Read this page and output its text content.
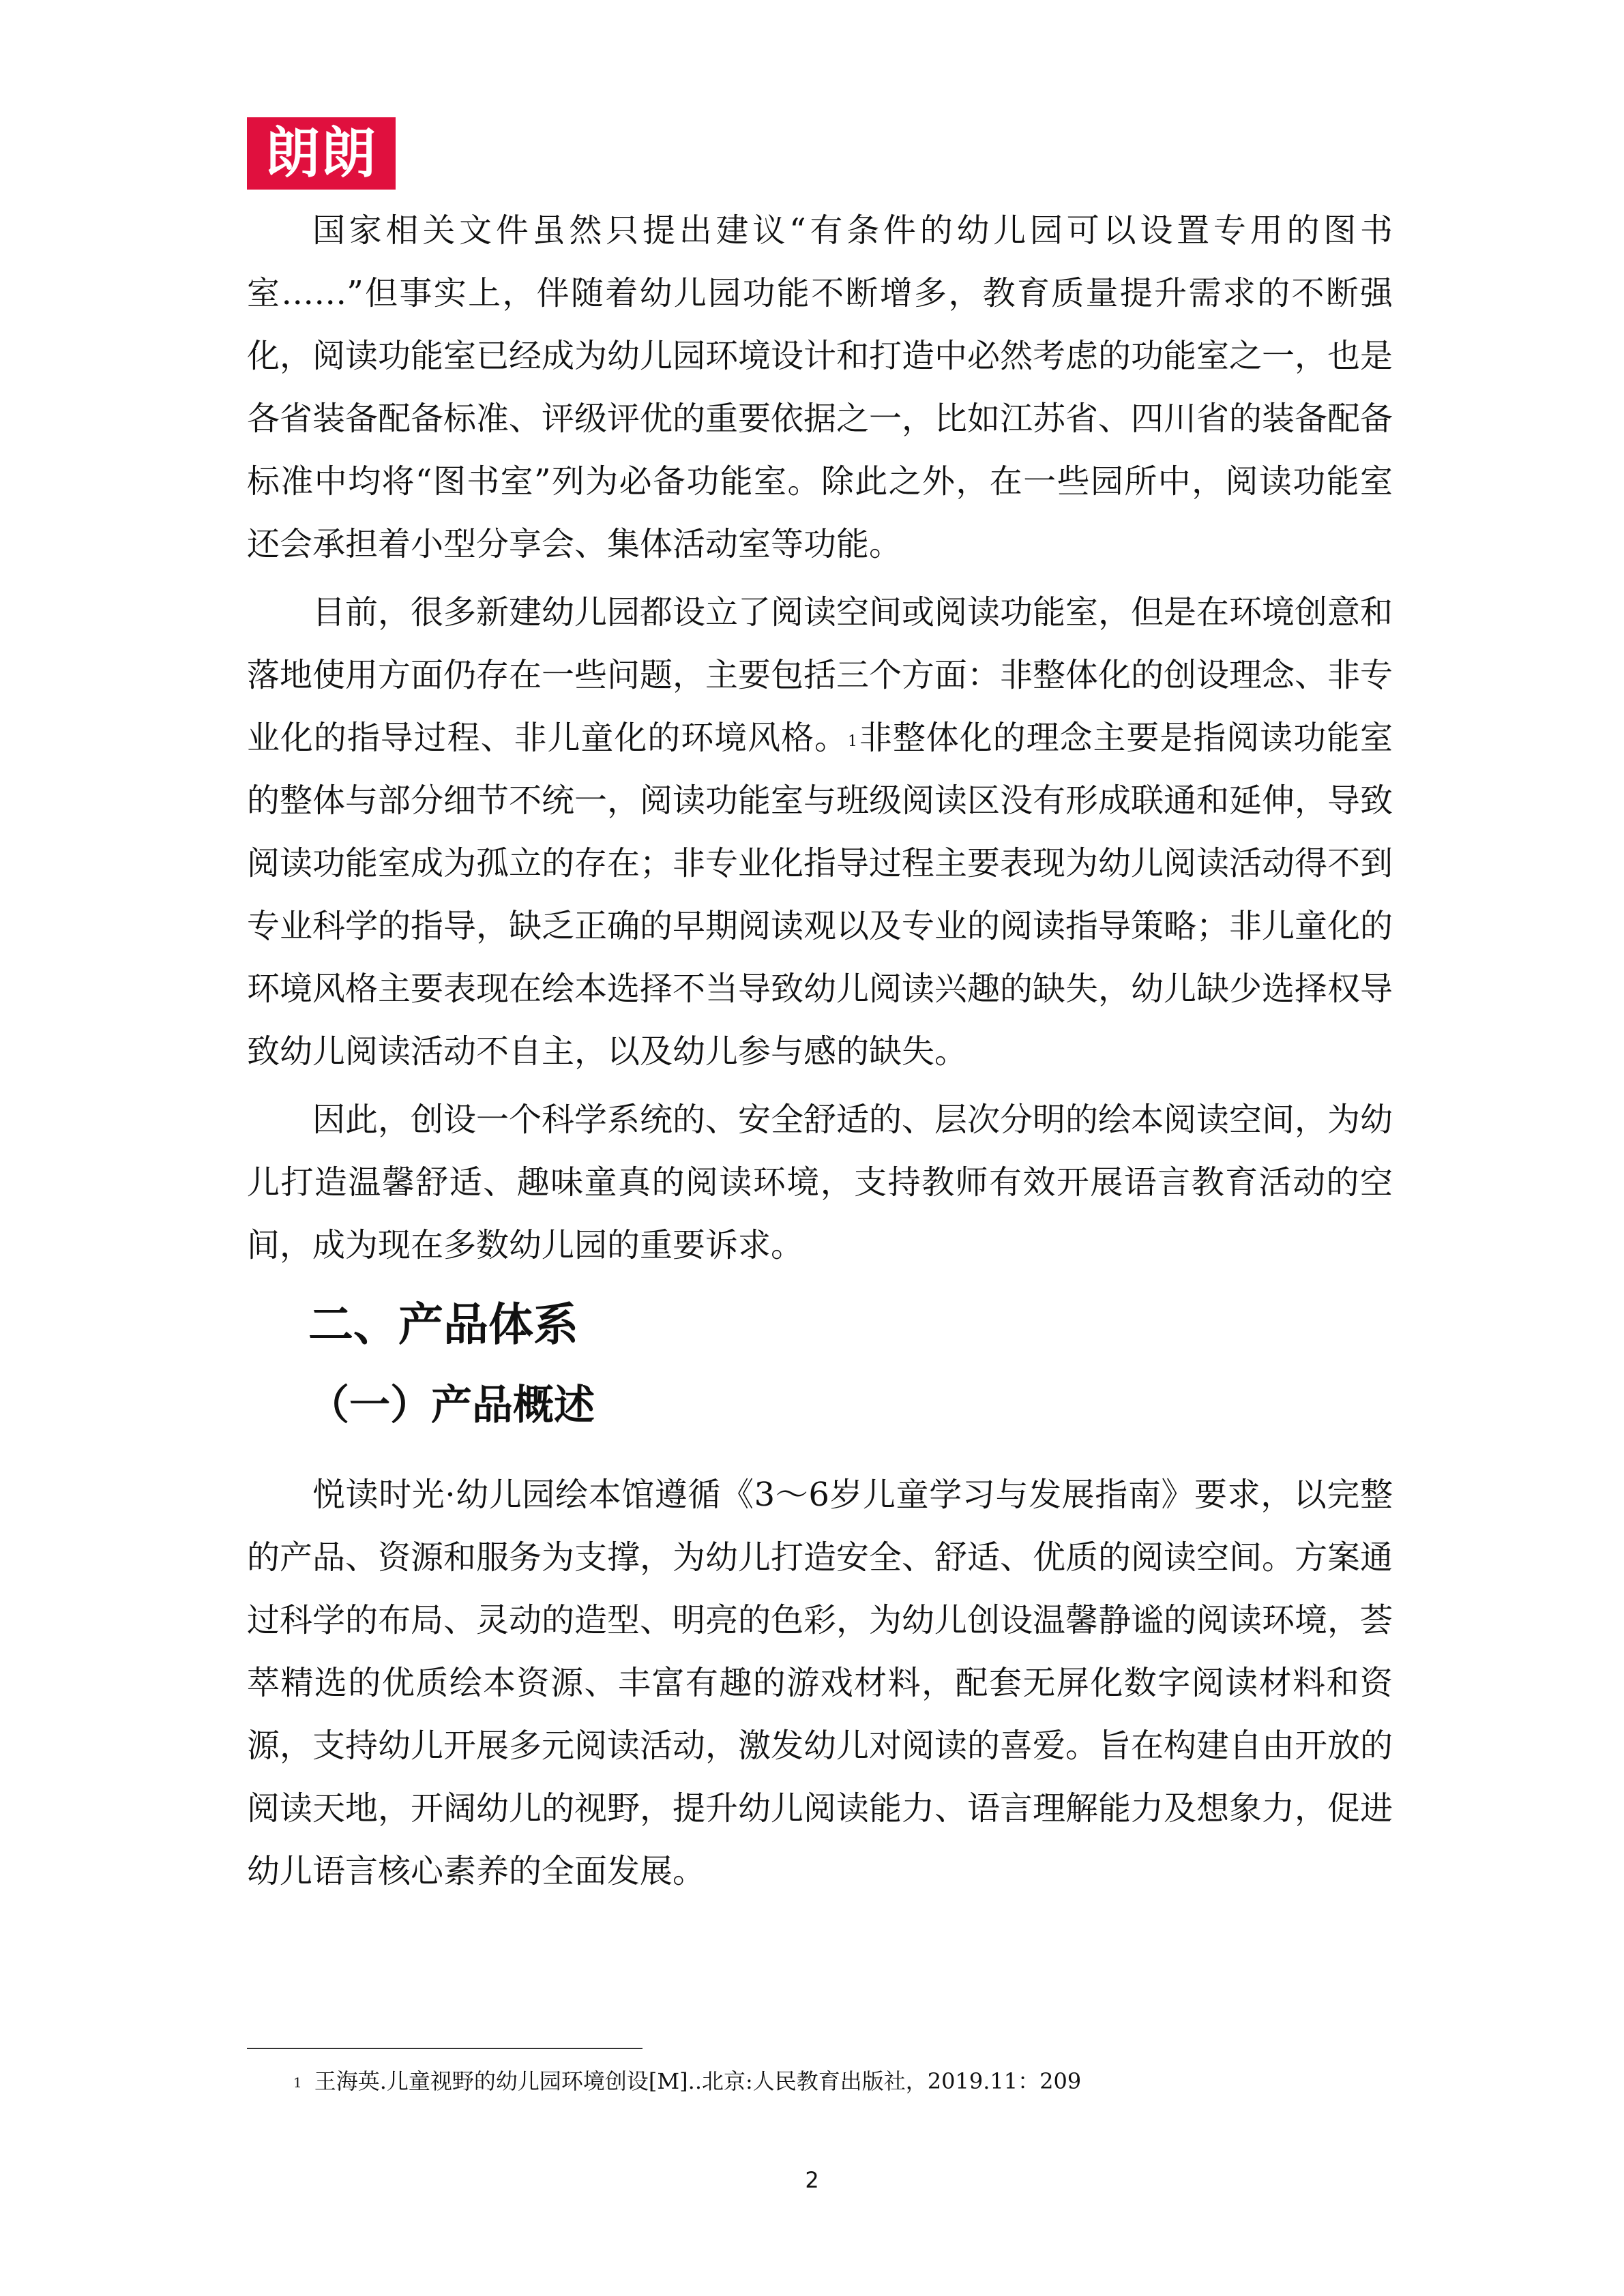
朗朗

国家相关文件虽然只提出建议“有条件的幼儿园可以设置专用的图书室……”但事实上，伴随着幼儿园功能不断增多，教育质量提升需求的不断强化，阅读功能室已经成为幼儿园环境设计和打造中必然考虑的功能室之一，也是各省装备配备标准、评级评优的重要依据之一，比如江苏省、四川省的装备配备标准中均将“图书室”列为必备功能室。除此之外，在一些园所中，阅读功能室还会承担着小型分享会、集体活动室等功能。

目前，很多新建幼儿园都设立了阅读空间或阅读功能室，但是在环境创意和落地使用方面仍存在一些问题，主要包括三个方面：非整体化的创设理念、非专业化的指导过程、非儿童化的环境风格。$^1$非整体化的理念主要是指阅读功能室的整体与部分细节不统一，阅读功能室与班级阅读区没有形成联通和延伸，导致阅读功能室成为孤立的存在；非专业化指导过程主要表现为幼儿阅读活动得不到专业科学的指导，缺乏正确的早期阅读观以及专业的阅读指导策略；非儿童化的环境风格主要表现在绘本选择不当导致幼儿阅读兴趣的缺失，幼儿缺少选择权导致幼儿阅读活动不自主，以及幼儿参与感的缺失。

因此，创设一个科学系统的、安全舒适的、层次分明的绘本阅读空间，为幼儿打造温馨舒适、趣味童真的阅读环境，支持教师有效开展语言教育活动的空间，成为现在多数幼儿园的重要诉求。

二、产品体系
（一）产品概述

悦读时光·幼儿园绘本馆遵循《3～6岁儿童学习与发展指南》要求，以完整的产品、资源和服务为支撑，为幼儿打造安全、舒适、优质的阅读空间。方案通过科学的布局、灵动的造型、明亮的色彩，为幼儿创设温馨静谧的阅读环境，荟萃精选的优质绘本资源、丰富有趣的游戏材料，配套无屏化数字阅读材料和资源，支持幼儿开展多元阅读活动，激发幼儿对阅读的喜爱。旨在构建自由开放的阅读天地，开阔幼儿的视野，提升幼儿阅读能力、语言理解能力及想象力，促进幼儿语言核心素养的全面发展。

$^1$ 王海英.儿童视野的幼儿园环境创设[M]..北京:人民教育出版社，2019.11：209
2
